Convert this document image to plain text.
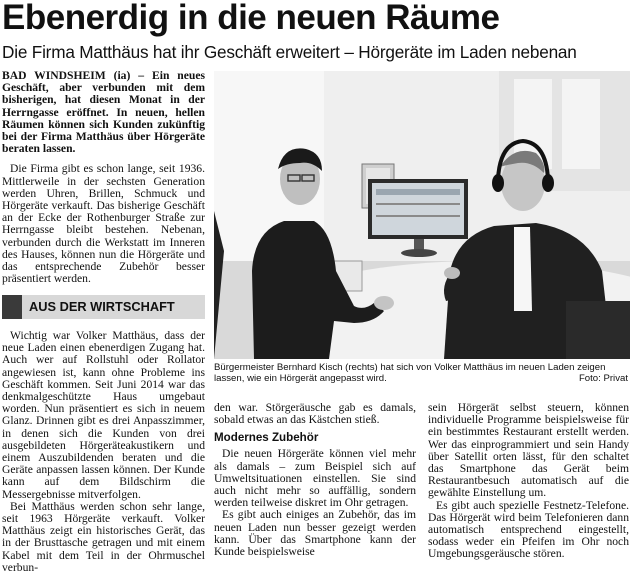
Ebenerdig in die neuen Räume
Die Firma Matthäus hat ihr Geschäft erweitert – Hörgeräte im Laden nebenan

BAD WINDSHEIM (ia) – Ein neues Geschäft, aber verbunden mit dem bisherigen, hat diesen Monat in der Herrngasse eröffnet. In neuen, hellen Räumen können sich Kunden zukünftig bei der Firma Matthäus über Hörgeräte beraten lassen.

Die Firma gibt es schon lange, seit 1936. Mittlerweile in der sechsten Generation werden Uhren, Brillen, Schmuck und Hörgeräte verkauft. Das bisherige Geschäft an der Ecke der Rothenburger Straße zur Herrngasse bleibt bestehen. Nebenan, verbunden durch die Werkstatt im Inneren des Hauses, können nun die Hörgeräte und das entsprechende Zubehör besser präsentiert werden.

AUS DER WIRTSCHAFT

Wichtig war Volker Matthäus, dass der neue Laden einen ebenerdigen Zugang hat. Auch wer auf Rollstuhl oder Rollator angewiesen ist, kann ohne Probleme ins Geschäft kommen. Seit Juni 2014 war das denkmalgeschützte Haus umgebaut worden. Nun präsentiert es sich in neuem Glanz. Drinnen gibt es drei Anpasszimmer, in denen sich die Kunden von drei ausgebildeten Hörgeräteakustikern und einem Auszubildenden beraten und die Geräte anpassen lassen können. Der Kunde kann auf dem Bildschirm die Messergebnisse mitverfolgen.

Bei Matthäus werden schon sehr lange, seit 1963 Hörgeräte verkauft. Volker Matthäus zeigt ein historisches Gerät, das in der Brusttasche getragen und mit einem Kabel mit dem Teil in der Ohrmuschel verbun-

Bürgermeister Bernhard Kisch (rechts) hat sich von Volker Matthäus im neuen Laden zeigen lassen, wie ein Hörgerät angepasst wird.	Foto: Privat

den war. Störgeräusche gab es damals, sobald etwas an das Kästchen stieß.

Modernes Zubehör

Die neuen Hörgeräte können viel mehr als damals – zum Beispiel sich auf Umweltsituationen einstellen. Sie sind auch nicht mehr so auffällig, sondern werden teilweise diskret im Ohr getragen.

Es gibt auch einiges an Zubehör, das im neuen Laden nun besser gezeigt werden kann. Über das Smartphone kann der Kunde beispielsweise

sein Hörgerät selbst steuern, können individuelle Programme beispielsweise für ein bestimmtes Restaurant erstellt werden. Wer das einprogrammiert und sein Handy über Satellit orten lässt, für den schaltet das Smartphone das Gerät beim Restaurantbesuch automatisch auf die gewählte Einstellung um.

Es gibt auch spezielle Festnetz-Telefone. Das Hörgerät wird beim Telefonieren dann automatisch entsprechend eingestellt, sodass weder ein Pfeifen im Ohr noch Umgebungsgeräusche stören.
